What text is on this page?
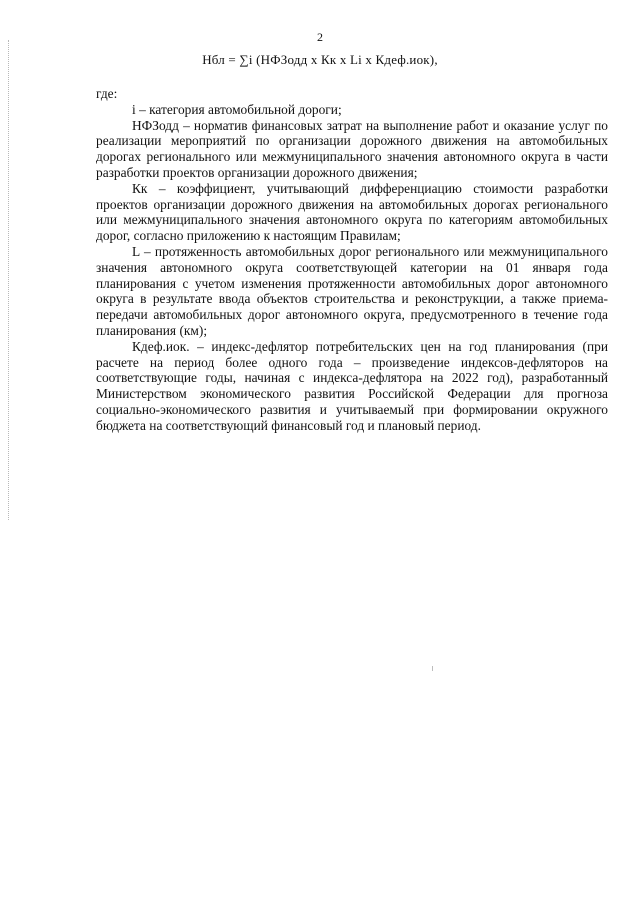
2
Нбл = ∑i (НФЗодд х Кк х Li х Кдеф.иок),

где:

i – категория автомобильной дороги;

НФЗодд – норматив финансовых затрат на выполнение работ и оказание услуг по реализации мероприятий по организации дорожного движения на автомобильных дорогах регионального или межмуниципального значения автономного округа в части разработки проектов организации дорожного движения;

Кк – коэффициент, учитывающий дифференциацию стоимости разработки проектов организации дорожного движения на автомобильных дорогах регионального или межмуниципального значения автономного округа по категориям автомобильных дорог, согласно приложению к настоящим Правилам;

L – протяженность автомобильных дорог регионального или межмуниципального значения автономного округа соответствующей категории на 01 января года планирования с учетом изменения протяженности автомобильных дорог автономного округа в результате ввода объектов строительства и реконструкции, а также приема-передачи автомобильных дорог автономного округа, предусмотренного в течение года планирования (км);

Кдеф.иок. – индекс-дефлятор потребительских цен на год планирования (при расчете на период более одного года – произведение индексов-дефляторов на соответствующие годы, начиная с индекса-дефлятора на 2022 год), разработанный Министерством экономического развития Российской Федерации для прогноза социально-экономического развития и учитываемый при формировании окружного бюджета на соответствующий финансовый год и плановый период.
